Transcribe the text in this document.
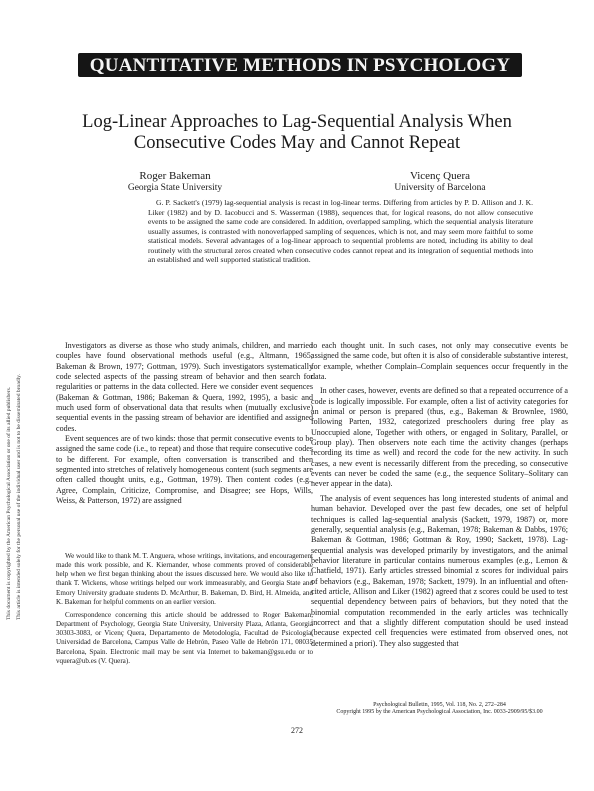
QUANTITATIVE METHODS IN PSYCHOLOGY
Log-Linear Approaches to Lag-Sequential Analysis When Consecutive Codes May and Cannot Repeat
Roger Bakeman
Georgia State University
Vicenç Quera
University of Barcelona
G. P. Sackett's (1979) lag-sequential analysis is recast in log-linear terms. Differing from articles by P. D. Allison and J. K. Liker (1982) and by D. Iacobucci and S. Wasserman (1988), sequences that, for logical reasons, do not allow consecutive events to be assigned the same code are considered. In addition, overlapped sampling, which the sequential analysis literature usually assumes, is contrasted with nonoverlapped sampling of sequences, which is not, and may seem more faithful to some statistical models. Several advantages of a log-linear approach to sequential problems are noted, including its ability to deal routinely with the structural zeros created when consecutive codes cannot repeat and its integration of sequential methods into an established and well supported statistical tradition.

Investigators as diverse as those who study animals, children, and married couples have found observational methods useful (e.g., Altmann, 1965; Bakeman & Brown, 1977; Gottman, 1979). Such investigators systematically code selected aspects of the passing stream of behavior and then search for regularities or patterns in the data collected. Here we consider event sequences (Bakeman & Gottman, 1986; Bakeman & Quera, 1992, 1995), a basic and much used form of observational data that results when (mutually exclusive) sequential events in the passing stream of behavior are identified and assigned codes.

Event sequences are of two kinds: those that permit consecutive events to be assigned the same code (i.e., to repeat) and those that require consecutive codes to be different. For example, often conversation is transcribed and then segmented into stretches of relatively homogeneous content (such segments are often called thought units, e.g., Gottman, 1979). Then content codes (e.g., Agree, Complain, Criticize, Compromise, and Disagree; see Hops, Wills, Weiss, & Patterson, 1972) are assigned

to each thought unit. In such cases, not only may consecutive events be assigned the same code, but often it is also of considerable substantive interest, for example, whether Complain–Complain sequences occur frequently in the data.

In other cases, however, events are defined so that a repeated occurrence of a code is logically impossible. For example, often a list of activity categories for an animal or person is prepared (thus, e.g., Bakeman & Brownlee, 1980, following Parten, 1932, categorized preschoolers during free play as Unoccupied alone, Together with others, or engaged in Solitary, Parallel, or Group play). Then observers note each time the activity changes (perhaps recording its time as well) and record the code for the new activity. In such cases, a new event is necessarily different from the preceding, so consecutive events can never be coded the same (e.g., the sequence Solitary–Solitary can never appear in the data).

The analysis of event sequences has long interested students of animal and human behavior. Developed over the past few decades, one set of helpful techniques is called lag-sequential analysis (Sackett, 1979, 1987) or, more generally, sequential analysis (e.g., Bakeman, 1978; Bakeman & Dabbs, 1976; Bakeman & Gottman, 1986; Gottman & Roy, 1990; Sackett, 1978). Lag-sequential analysis was developed primarily by investigators, and the animal behavior literature in particular contains numerous examples (e.g., Lemon & Chatfield, 1971). Early articles stressed binomial z scores for individual pairs of behaviors (e.g., Bakeman, 1978; Sackett, 1979). In an influential and often-cited article, Allison and Liker (1982) agreed that z scores could be used to test sequential dependency between pairs of behaviors, but they noted that the binomial computation recommended in the early articles was technically incorrect and that a slightly different computation should be used instead (because expected cell frequencies were estimated from observed ones, not determined a priori). They also suggested that

We would like to thank M. T. Anguera, whose writings, invitations, and encouragement made this work possible, and K. Kiernander, whose comments proved of considerable help when we first began thinking about the issues discussed here. We would also like to thank T. Wickens, whose writings helped our work immeasurably, and Georgia State and Emory University graduate students D. McArthur, B. Bakeman, D. Bird, H. Almeida, and K. Bakeman for helpful comments on an earlier version.

Correspondence concerning this article should be addressed to Roger Bakeman, Department of Psychology, Georgia State University, University Plaza, Atlanta, Georgia 30303-3083, or Vicenç Quera, Departamento de Metodología, Facultad de Psicología, Universidad de Barcelona, Campus Valle de Hebrón, Paseo Valle de Hebrón 171, 08035 Barcelona, Spain. Electronic mail may be sent via Internet to bakeman@gsu.edu or to vquera@ub.es (V. Quera).

Psychological Bulletin, 1995, Vol. 118, No. 2, 272–284
Copyright 1995 by the American Psychological Association, Inc. 0033-2909/95/$3.00
272
This document is copyrighted by the American Psychological Association or one of its allied publishers. This article is intended solely for the personal use of the individual user and is not to be disseminated broadly.
